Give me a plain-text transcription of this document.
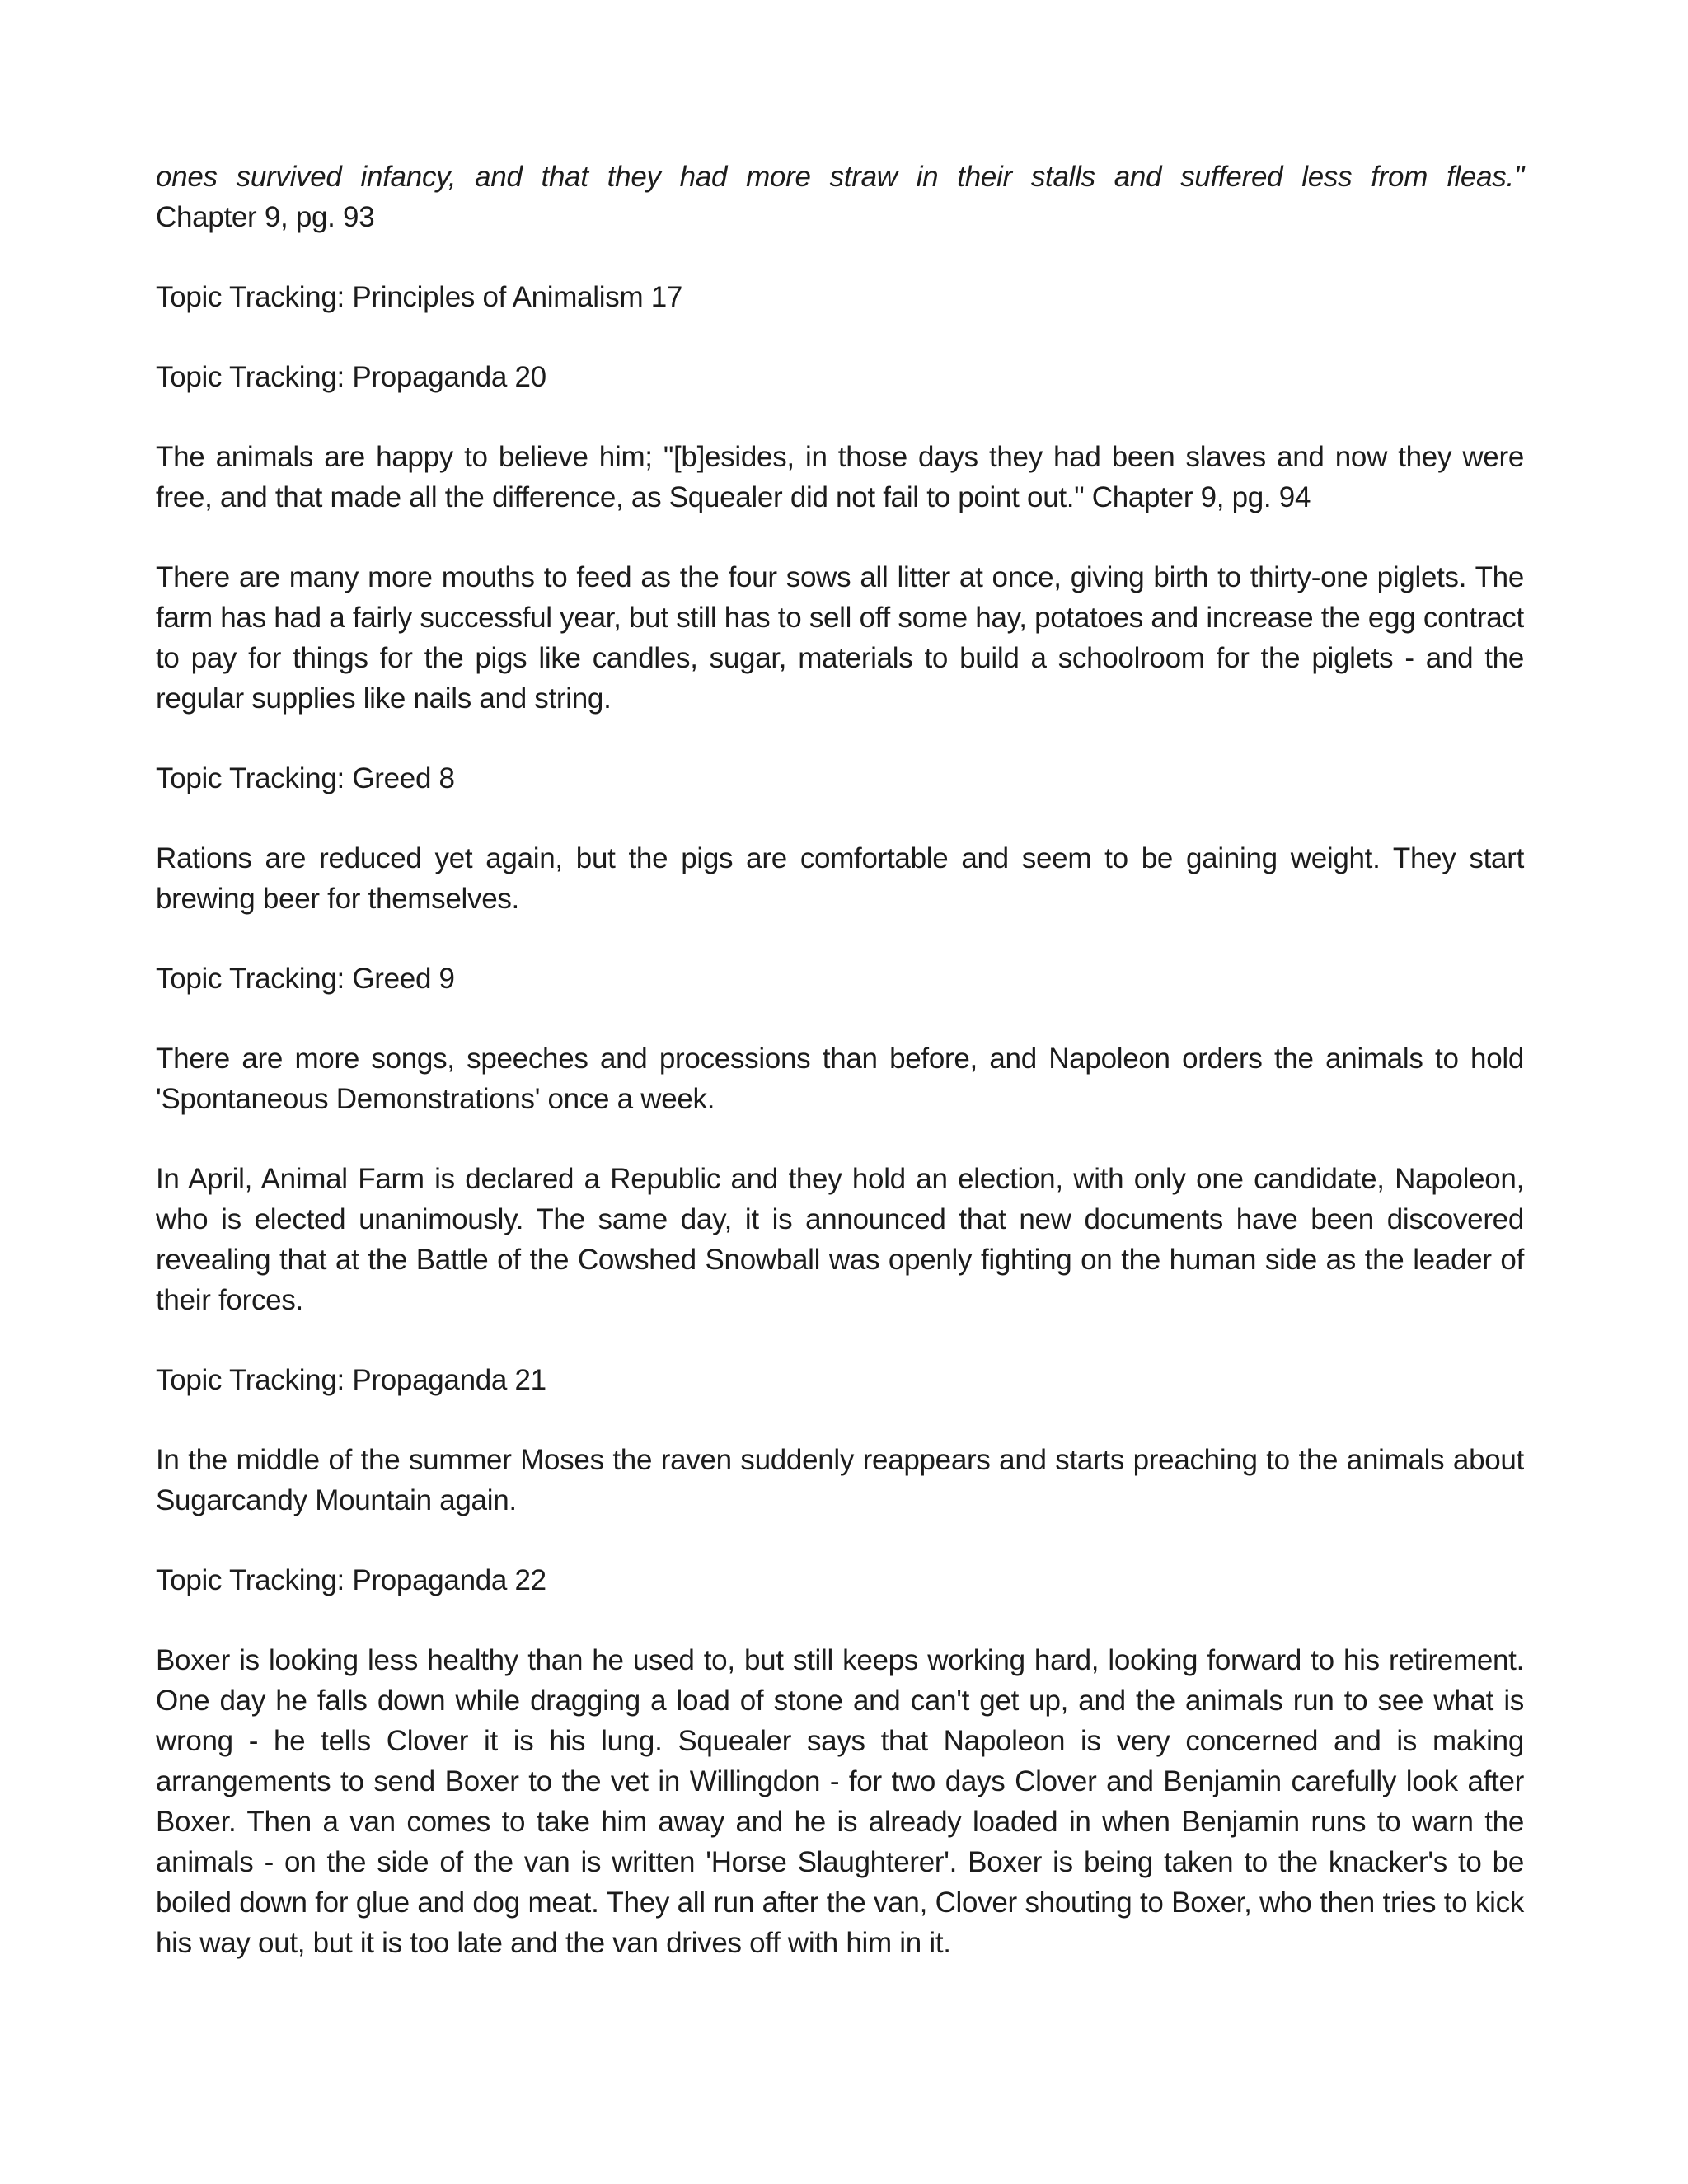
ones survived infancy, and that they had more straw in their stalls and suffered less from fleas."
Chapter 9, pg. 93
Topic Tracking: Principles of Animalism 17
Topic Tracking: Propaganda 20
The animals are happy to believe him; "[b]esides, in those days they had been slaves and now they were free, and that made all the difference, as Squealer did not fail to point out." Chapter 9, pg. 94
There are many more mouths to feed as the four sows all litter at once, giving birth to thirty-one piglets. The farm has had a fairly successful year, but still has to sell off some hay, potatoes and increase the egg contract to pay for things for the pigs like candles, sugar, materials to build a schoolroom for the piglets - and the regular supplies like nails and string.
Topic Tracking: Greed 8
Rations are reduced yet again, but the pigs are comfortable and seem to be gaining weight. They start brewing beer for themselves.
Topic Tracking: Greed 9
There are more songs, speeches and processions than before, and Napoleon orders the animals to hold 'Spontaneous Demonstrations' once a week.
In April, Animal Farm is declared a Republic and they hold an election, with only one candidate, Napoleon, who is elected unanimously. The same day, it is announced that new documents have been discovered revealing that at the Battle of the Cowshed Snowball was openly fighting on the human side as the leader of their forces.
Topic Tracking: Propaganda 21
In the middle of the summer Moses the raven suddenly reappears and starts preaching to the animals about Sugarcandy Mountain again.
Topic Tracking: Propaganda 22
Boxer is looking less healthy than he used to, but still keeps working hard, looking forward to his retirement. One day he falls down while dragging a load of stone and can't get up, and the animals run to see what is wrong - he tells Clover it is his lung. Squealer says that Napoleon is very concerned and is making arrangements to send Boxer to the vet in Willingdon - for two days Clover and Benjamin carefully look after Boxer. Then a van comes to take him away and he is already loaded in when Benjamin runs to warn the animals - on the side of the van is written 'Horse Slaughterer'. Boxer is being taken to the knacker's to be boiled down for glue and dog meat. They all run after the van, Clover shouting to Boxer, who then tries to kick his way out, but it is too late and the van drives off with him in it.
